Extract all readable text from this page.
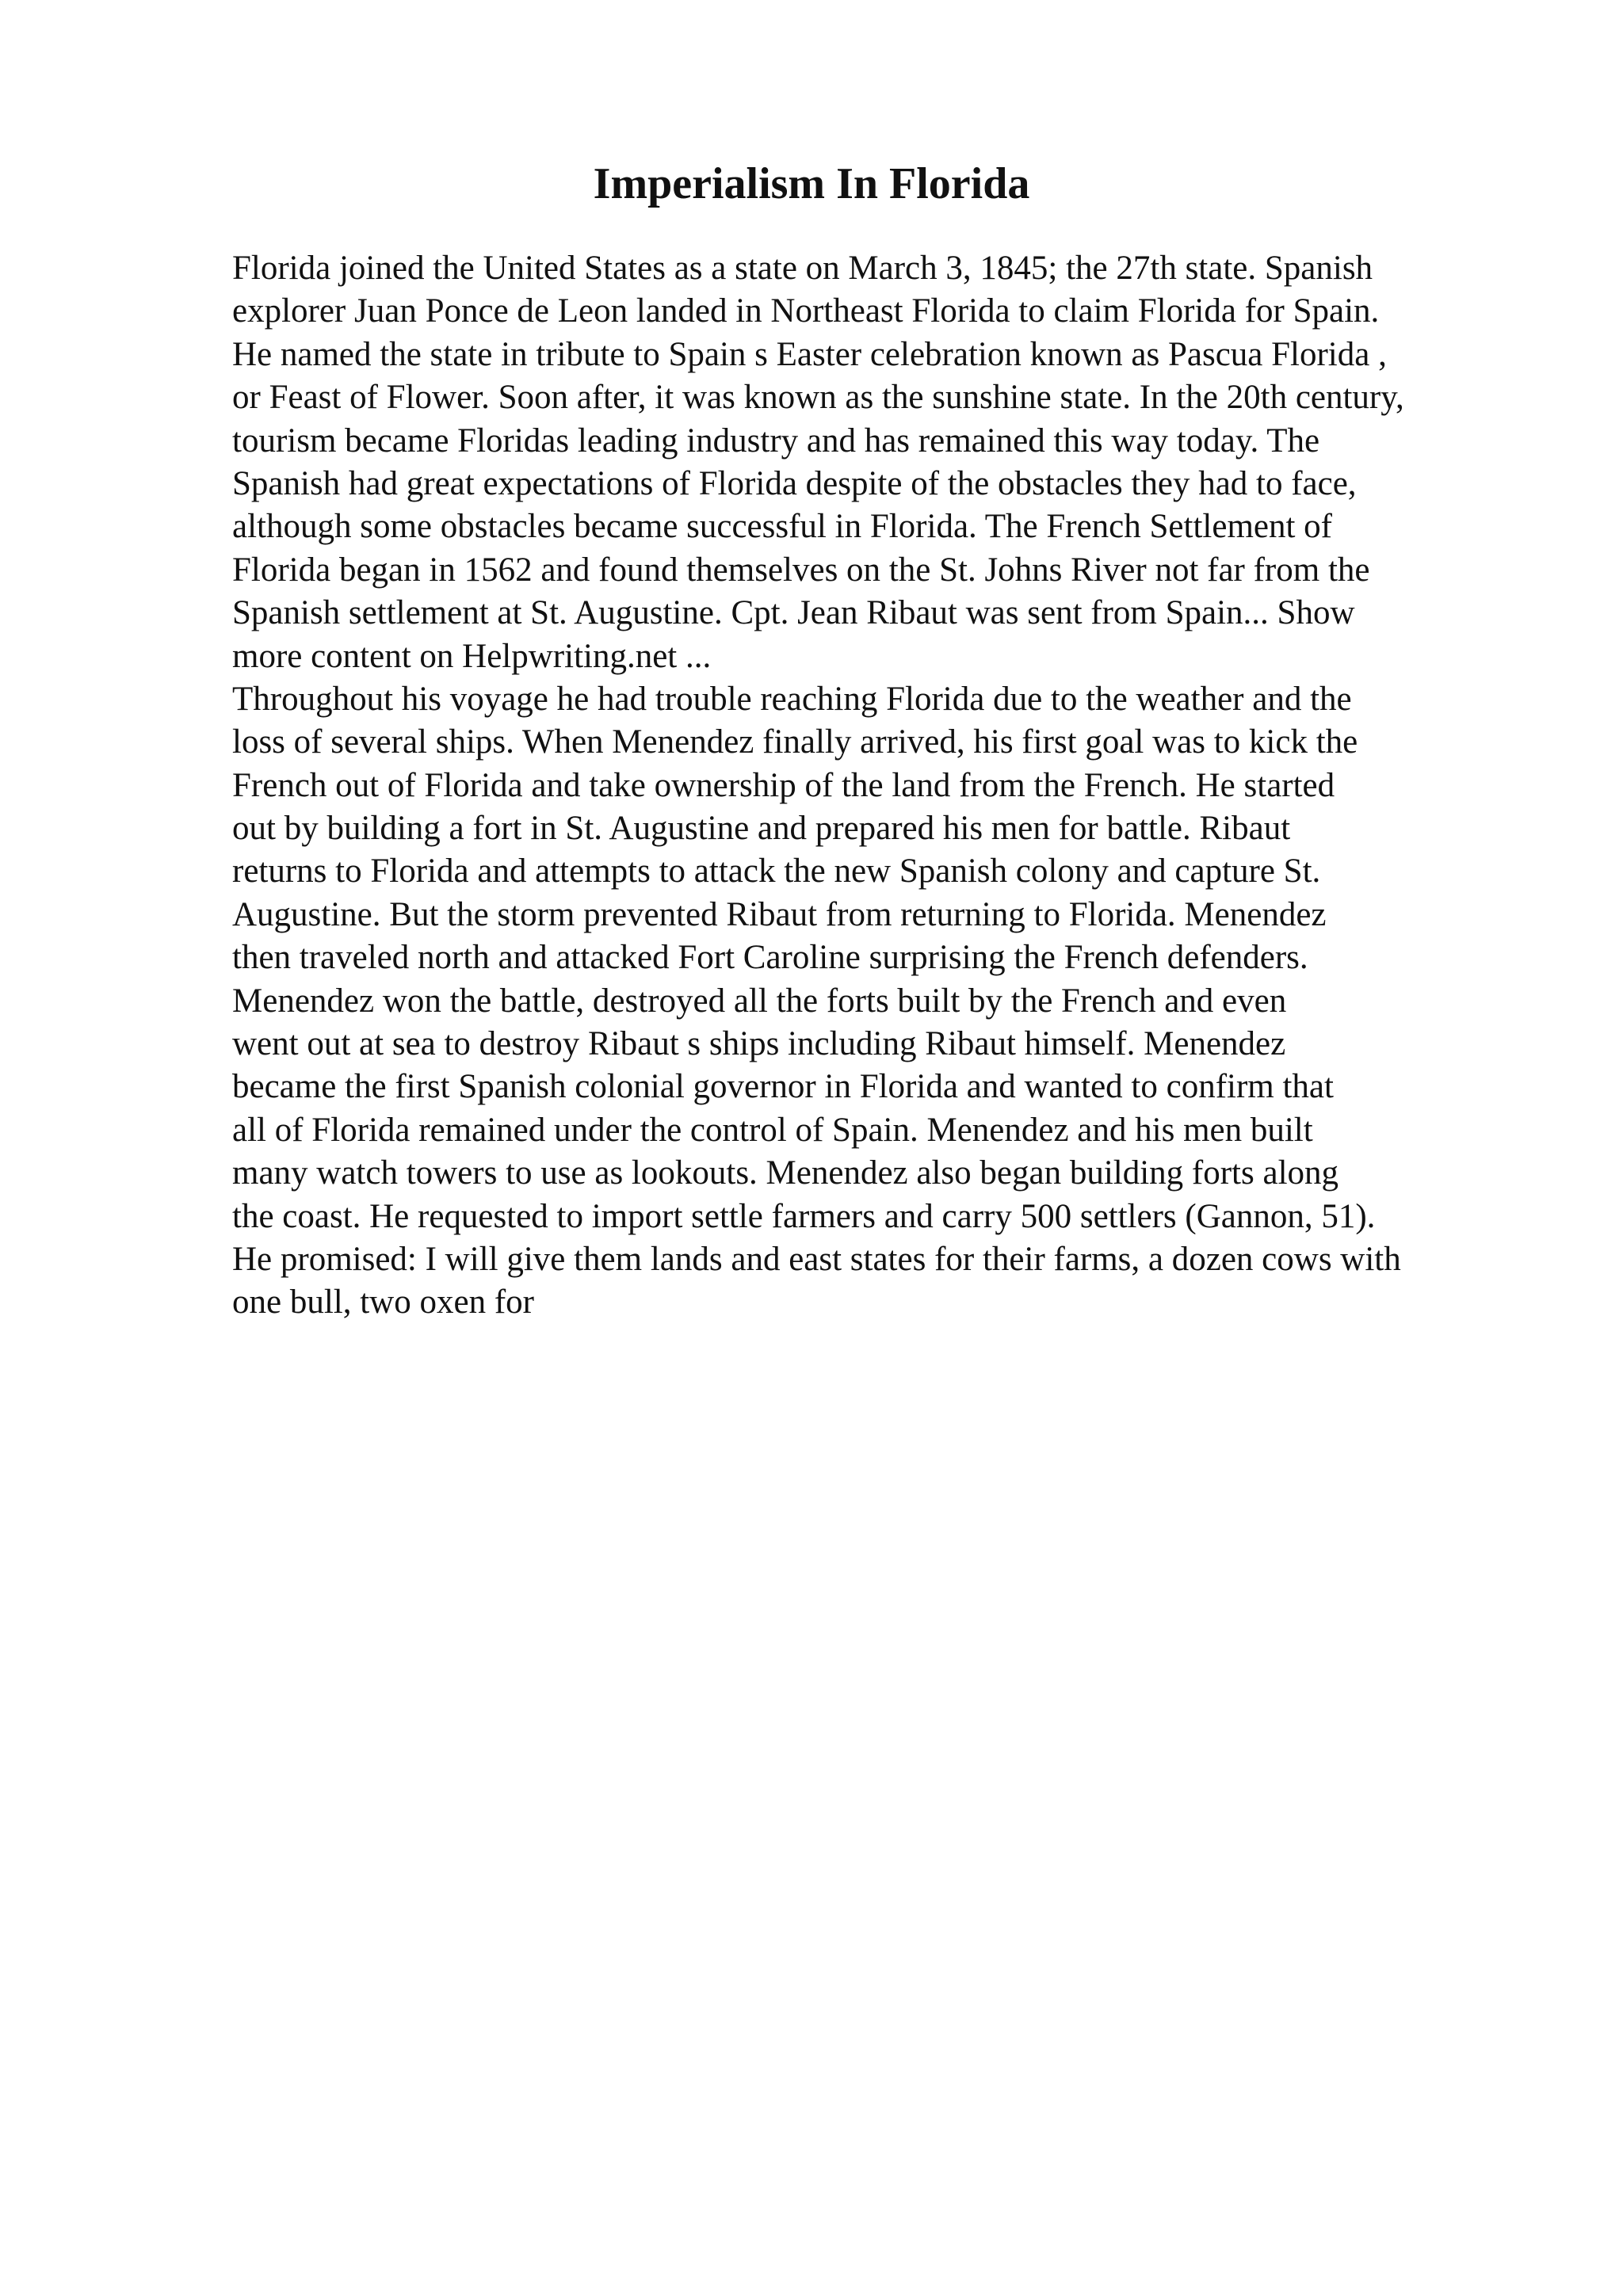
Imperialism In Florida
Florida joined the United States as a state on March 3, 1845; the 27th state. Spanish
explorer Juan Ponce de Leon landed in Northeast Florida to claim Florida for Spain.
He named the state in tribute to Spain s Easter celebration known as Pascua Florida ,
or Feast of Flower. Soon after, it was known as the sunshine state. In the 20th century,
tourism became Floridas leading industry and has remained this way today. The
Spanish had great expectations of Florida despite of the obstacles they had to face,
although some obstacles became successful in Florida. The French Settlement of
Florida began in 1562 and found themselves on the St. Johns River not far from the
Spanish settlement at St. Augustine. Cpt. Jean Ribaut was sent from Spain... Show
more content on Helpwriting.net ...
Throughout his voyage he had trouble reaching Florida due to the weather and the
loss of several ships. When Menendez finally arrived, his first goal was to kick the
French out of Florida and take ownership of the land from the French. He started
out by building a fort in St. Augustine and prepared his men for battle. Ribaut
returns to Florida and attempts to attack the new Spanish colony and capture St.
Augustine. But the storm prevented Ribaut from returning to Florida. Menendez
then traveled north and attacked Fort Caroline surprising the French defenders.
Menendez won the battle, destroyed all the forts built by the French and even
went out at sea to destroy Ribaut s ships including Ribaut himself. Menendez
became the first Spanish colonial governor in Florida and wanted to confirm that
all of Florida remained under the control of Spain. Menendez and his men built
many watch towers to use as lookouts. Menendez also began building forts along
the coast. He requested to import settle farmers and carry 500 settlers (Gannon, 51).
He promised: I will give them lands and east states for their farms, a dozen cows with
one bull, two oxen for
